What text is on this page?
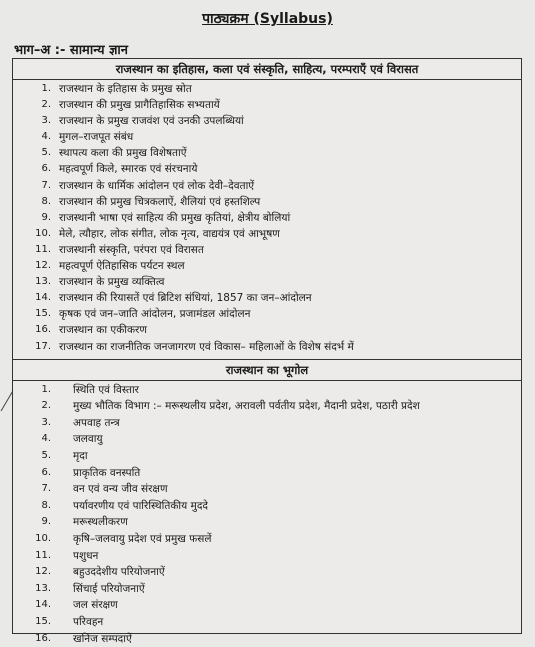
पाठ्यक्रम (Syllabus)
भाग–अ :- सामान्य ज्ञान
राजस्थान का इतिहास, कला एवं संस्कृति, साहित्य, परम्पराएँ एवं विरासत
1. राजस्थान के इतिहास के प्रमुख स्रोत
2. राजस्थान की प्रमुख प्रागैतिहासिक सभ्यतायें
3. राजस्थान के प्रमुख राजवंश एवं उनकी उपलब्धियां
4. मुगल–राजपूत संबंध
5. स्थापत्य कला की प्रमुख विशेषताऐं
6. महत्वपूर्ण किले, स्मारक एवं संरचनाये
7. राजस्थान के धार्मिक आंदोलन एवं लोक देवी–देवताऐं
8. राजस्थान की प्रमुख चित्रकलाऐं, शैलियां एवं हस्तशिल्प
9. राजस्थानी भाषा एवं साहित्य की प्रमुख कृतियां, क्षेत्रीय बोलियां
10. मेले, त्यौहार, लोक संगीत, लोक नृत्य, वाद्ययंत्र एवं आभूषण
11. राजस्थानी संस्कृति, परंपरा एवं विरासत
12. महत्वपूर्ण ऐतिहासिक पर्यटन स्थल
13. राजस्थान के प्रमुख व्यक्तित्व
14. राजस्थान की रियासतें एवं ब्रिटिश संधियां, 1857 का जन–आंदोलन
15. कृषक एवं जन–जाति आंदोलन, प्रजामंडल आंदोलन
16. राजस्थान का एकीकरण
17. राजस्थान का राजनीतिक जनजागरण एवं विकास– महिलाओं के विशेष संदर्भ में
राजस्थान का भूगोल
1.	स्थिति एवं विस्तार
2.	मुख्य भौतिक विभाग :– मरूस्थलीय प्रदेश, अरावली पर्वतीय प्रदेश, मैदानी प्रदेश, पठारी प्रदेश
3.	अपवाह तन्त्र
4.	जलवायु
5.	मृदा
6.	प्राकृतिक वनस्पति
7.	वन एवं वन्य जीव संरक्षण
8.	पर्यावरणीय एवं पारिस्थितिकीय मुददे
9.	मरूस्थलीकरण
10.	कृषि–जलवायु प्रदेश एवं प्रमुख फसलें
11.	पशुधन
12.	बहुउददेशीय परियोजनाऐं
13.	सिंचाई परियोजनाऐं
14.	जल संरक्षण
15.	परिवहन
16.	खनिज सम्पदाऐं
